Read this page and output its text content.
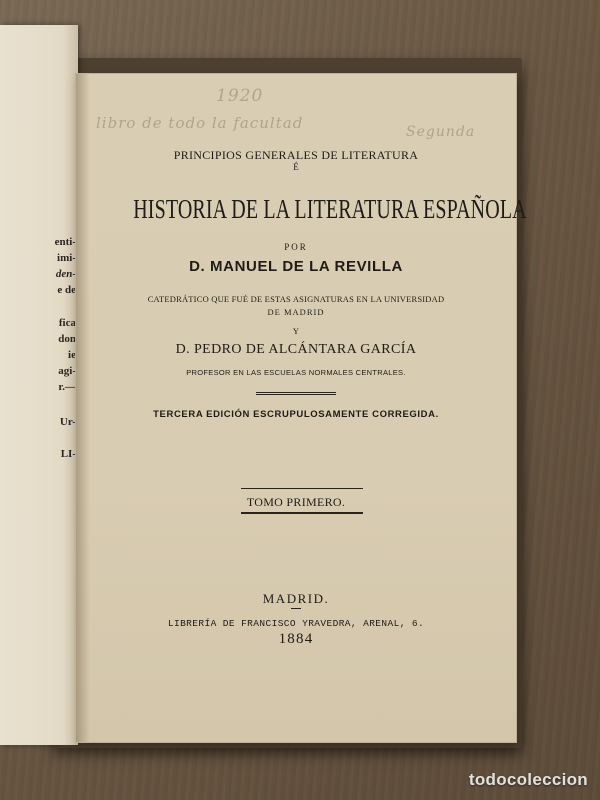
enti-
imi-
den-
e de
fica
don
ie
agi-
r.—
Ur-
LI-
1920
libro de todo la facultad	Segunda
PRINCIPIOS GENERALES DE LITERATURA
É
HISTORIA DE LA LITERATURA ESPAÑOLA
POR
D. MANUEL DE LA REVILLA
CATEDRÁTICO QUE FUÉ DE ESTAS ASIGNATURAS EN LA UNIVERSIDAD
DE MADRID
Y
D. PEDRO DE ALCÁNTARA GARCÍA
PROFESOR EN LAS ESCUELAS NORMALES CENTRALES.
TERCERA EDICIÓN ESCRUPULOSAMENTE CORREGIDA.
TOMO PRIMERO.
MADRID.
LIBRERÍA DE FRANCISCO YRAVEDRA, ARENAL, 6.
1884
todocoleccion
